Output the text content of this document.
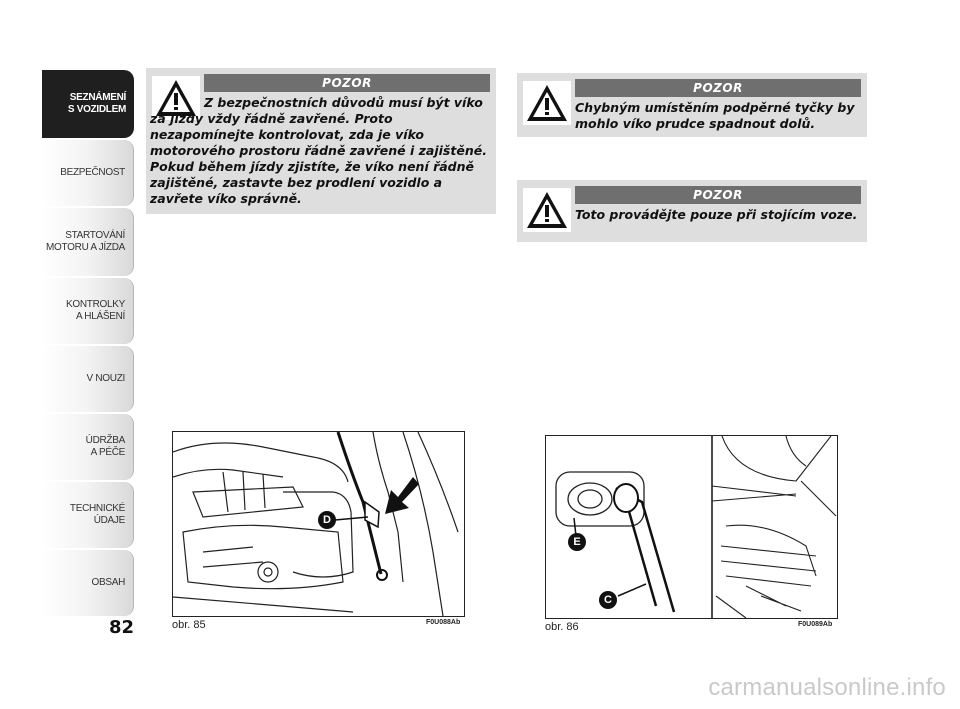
SEZNÁMENÍ
S VOZIDLEM
BEZPEČNOST
STARTOVÁNÍ
MOTORU A JÍZDA
KONTROLKY
A HLÁŠENÍ
V NOUZI
ÚDRŽBA
A PÉČE
TECHNICKÉ
ÚDAJE
OBSAH
82
POZOR
Z bezpečnostních důvodů musí být víko za jízdy vždy řádně zavřené. Proto nezapomínejte kontrolovat, zda je víko motorového prostoru řádně zavřené i zajištěné. Pokud během jízdy zjistíte, že víko není řádně zajištěné, zastavte bez prodlení vozidlo a zavřete víko správně.
POZOR
Chybným umístěním podpěrné tyčky by mohlo víko prudce spadnout dolů.
POZOR
Toto provádějte pouze při stojícím voze.
D
obr. 85	F0U088Ab
E
C
obr. 86	F0U089Ab
carmanualsonline.info
